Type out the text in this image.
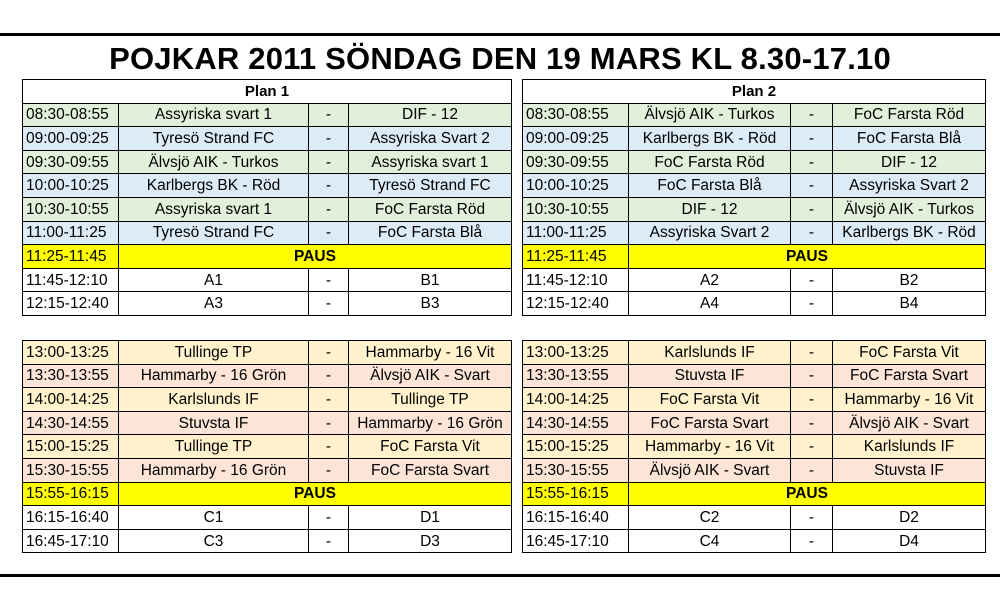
POJKAR 2011 SÖNDAG DEN 19 MARS KL 8.30-17.10
Plan 1			
08:30-08:55	Assyriska svart 1	-	DIF - 12
09:00-09:25	Tyresö Strand FC	-	Assyriska Svart 2
09:30-09:55	Älvsjö AIK - Turkos	-	Assyriska svart 1
10:00-10:25	Karlbergs BK - Röd	-	Tyresö Strand FC
10:30-10:55	Assyriska svart 1	-	FoC Farsta Röd
11:00-11:25	Tyresö Strand FC	-	FoC Farsta Blå
11:25-11:45	PAUS		
11:45-12:10	A1	-	B1
12:15-12:40	A3	-	B3
Plan 2			
08:30-08:55	Älvsjö AIK - Turkos	-	FoC Farsta Röd
09:00-09:25	Karlbergs BK - Röd	-	FoC Farsta Blå
09:30-09:55	FoC Farsta Röd	-	DIF - 12
10:00-10:25	FoC Farsta Blå	-	Assyriska Svart 2
10:30-10:55	DIF - 12	-	Älvsjö AIK - Turkos
11:00-11:25	Assyriska Svart 2	-	Karlbergs BK - Röd
11:25-11:45	PAUS		
11:45-12:10	A2	-	B2
12:15-12:40	A4	-	B4
13:00-13:25	Tullinge TP	-	Hammarby - 16 Vit
13:30-13:55	Hammarby - 16 Grön	-	Älvsjö AIK - Svart
14:00-14:25	Karlslunds IF	-	Tullinge TP
14:30-14:55	Stuvsta IF	-	Hammarby - 16 Grön
15:00-15:25	Tullinge TP	-	FoC Farsta Vit
15:30-15:55	Hammarby - 16 Grön	-	FoC Farsta Svart
15:55-16:15	PAUS		
16:15-16:40	C1	-	D1
16:45-17:10	C3	-	D3
13:00-13:25	Karlslunds IF	-	FoC Farsta Vit
13:30-13:55	Stuvsta IF	-	FoC Farsta Svart
14:00-14:25	FoC Farsta Vit	-	Hammarby - 16 Vit
14:30-14:55	FoC Farsta Svart	-	Älvsjö AIK - Svart
15:00-15:25	Hammarby - 16 Vit	-	Karlslunds IF
15:30-15:55	Älvsjö AIK - Svart	-	Stuvsta IF
15:55-16:15	PAUS		
16:15-16:40	C2	-	D2
16:45-17:10	C4	-	D4
